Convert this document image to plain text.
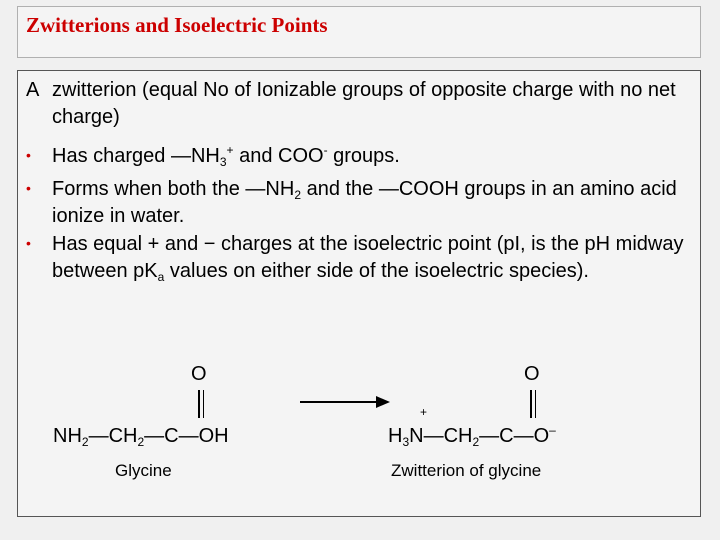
Zwitterions and Isoelectric Points
A zwitterion (equal No of Ionizable groups of opposite charge with no net charge)
• Has charged $—NH_3^+$ and COO- groups.
• Forms when both the $—NH_2$ and the —COOH groups in an amino acid ionize in water.
• Has equal + and − charges at the isoelectric point (pI, is the pH midway between $pK_a$ values on either side of the isoelectric species).
O
$NH_2—CH_2—C—OH$
Glycine
O
+
$H_3N—CH_2—C—O^-$
Zwitterion of glycine
